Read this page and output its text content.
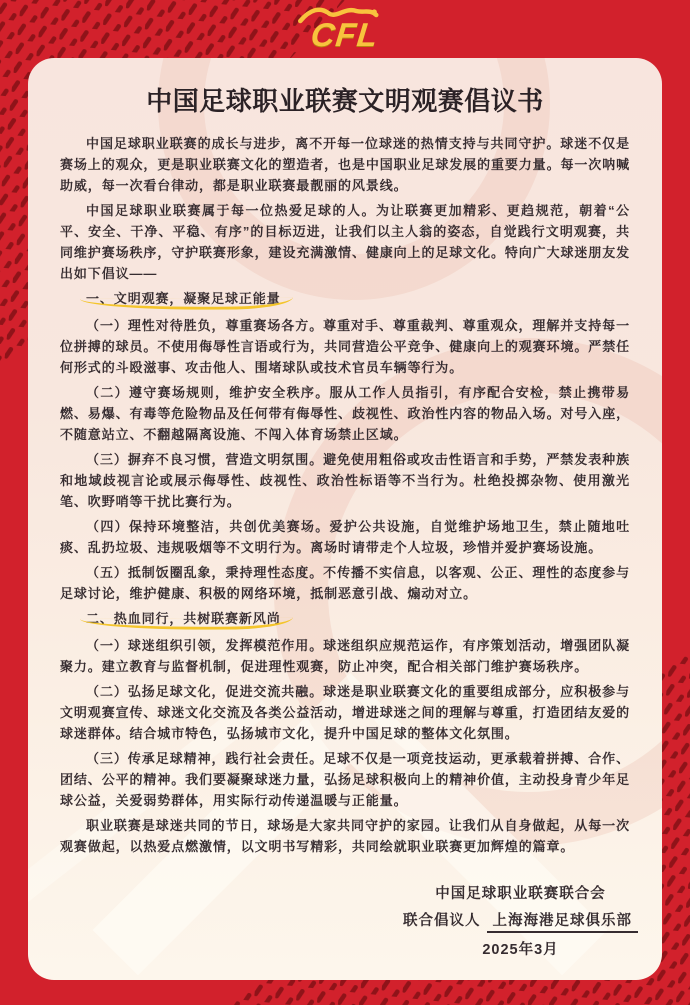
CFL
中国足球职业联赛文明观赛倡议书

中国足球职业联赛的成长与进步，离不开每一位球迷的热情支持与共同守护。球迷不仅是赛场上的观众，更是职业联赛文化的塑造者，也是中国职业足球发展的重要力量。每一次呐喊助威，每一次看台律动，都是职业联赛最靓丽的风景线。

中国足球职业联赛属于每一位热爱足球的人。为让联赛更加精彩、更趋规范，朝着“公平、安全、干净、平稳、有序”的目标迈进，让我们以主人翁的姿态，自觉践行文明观赛，共同维护赛场秩序，守护联赛形象，建设充满激情、健康向上的足球文化。特向广大球迷朋友发出如下倡议——

一、文明观赛，凝聚足球正能量

（一）理性对待胜负，尊重赛场各方。尊重对手、尊重裁判、尊重观众，理解并支持每一位拼搏的球员。不使用侮辱性言语或行为，共同营造公平竞争、健康向上的观赛环境。严禁任何形式的斗殴滋事、攻击他人、围堵球队或技术官员车辆等行为。

（二）遵守赛场规则，维护安全秩序。服从工作人员指引，有序配合安检，禁止携带易燃、易爆、有毒等危险物品及任何带有侮辱性、歧视性、政治性内容的物品入场。对号入座，不随意站立、不翻越隔离设施、不闯入体育场禁止区域。

（三）摒弃不良习惯，营造文明氛围。避免使用粗俗或攻击性语言和手势，严禁发表种族和地域歧视言论或展示侮辱性、歧视性、政治性标语等不当行为。杜绝投掷杂物、使用激光笔、吹野哨等干扰比赛行为。

（四）保持环境整洁，共创优美赛场。爱护公共设施，自觉维护场地卫生，禁止随地吐痰、乱扔垃圾、违规吸烟等不文明行为。离场时请带走个人垃圾，珍惜并爱护赛场设施。

（五）抵制饭圈乱象，秉持理性态度。不传播不实信息，以客观、公正、理性的态度参与足球讨论，维护健康、积极的网络环境，抵制恶意引战、煽动对立。

二、热血同行，共树联赛新风尚

（一）球迷组织引领，发挥模范作用。球迷组织应规范运作，有序策划活动，增强团队凝聚力。建立教育与监督机制，促进理性观赛，防止冲突，配合相关部门维护赛场秩序。

（二）弘扬足球文化，促进交流共融。球迷是职业联赛文化的重要组成部分，应积极参与文明观赛宣传、球迷文化交流及各类公益活动，增进球迷之间的理解与尊重，打造团结友爱的球迷群体。结合城市特色，弘扬城市文化，提升中国足球的整体文化氛围。

（三）传承足球精神，践行社会责任。足球不仅是一项竞技运动，更承载着拼搏、合作、团结、公平的精神。我们要凝聚球迷力量，弘扬足球积极向上的精神价值，主动投身青少年足球公益，关爱弱势群体，用实际行动传递温暖与正能量。

职业联赛是球迷共同的节日，球场是大家共同守护的家园。让我们从自身做起，从每一次观赛做起，以热爱点燃激情，以文明书写精彩，共同绘就职业联赛更加辉煌的篇章。

中国足球职业联赛联合会
联合倡议人 上海海港足球俱乐部
2025年3月
